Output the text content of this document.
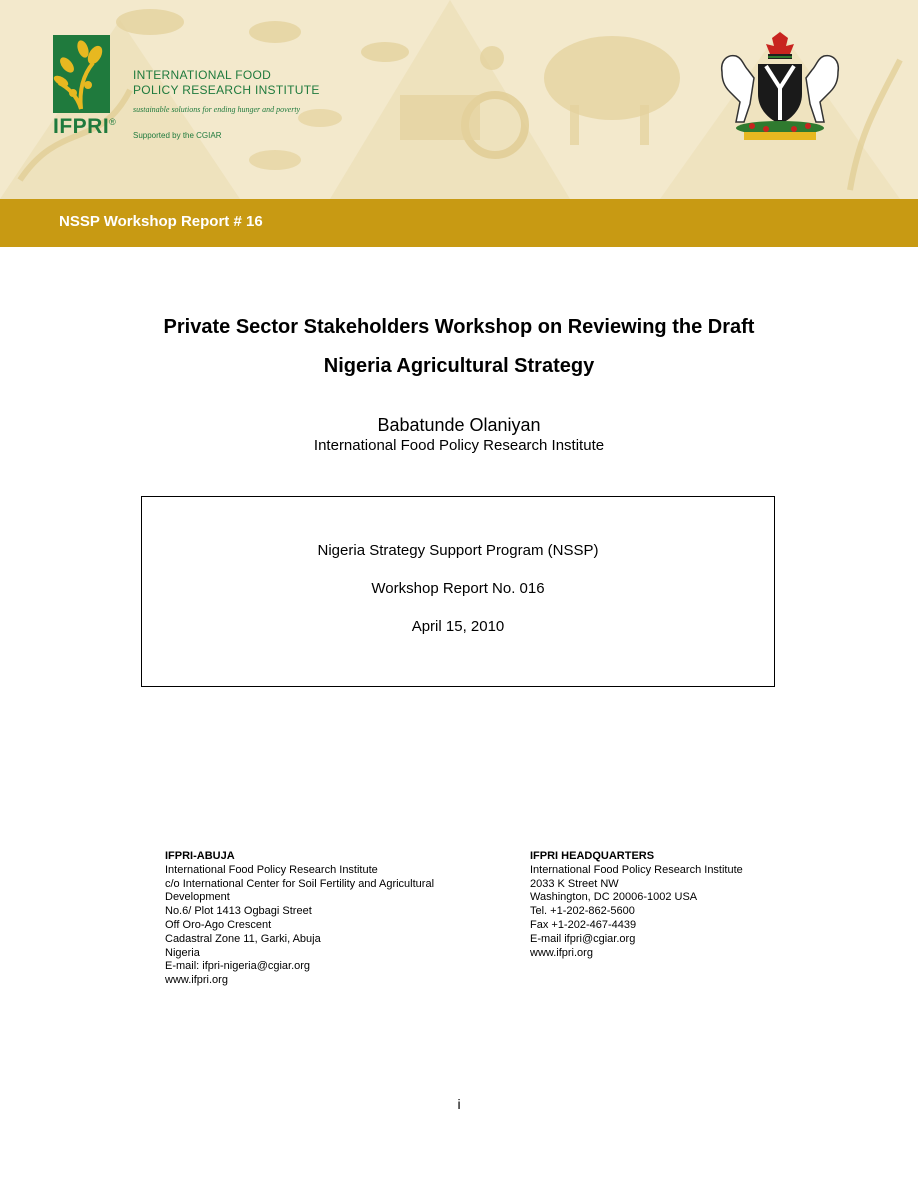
IFPRI®
INTERNATIONAL FOOD
POLICY RESEARCH INSTITUTE
sustainable solutions for ending hunger and poverty
Supported by the CGIAR
NSSP Workshop Report # 16
Private Sector Stakeholders Workshop on Reviewing the Draft
Nigeria Agricultural Strategy
Babatunde Olaniyan
International Food Policy Research Institute
Nigeria Strategy Support Program (NSSP)
Workshop Report No. 016
April 15, 2010
IFPRI-ABUJA
International Food Policy Research Institute
c/o International Center for Soil Fertility and Agricultural
Development
No.6/ Plot 1413 Ogbagi Street
Off Oro-Ago Crescent
Cadastral Zone 11, Garki, Abuja
Nigeria
E-mail: ifpri-nigeria@cgiar.org
www.ifpri.org
IFPRI HEADQUARTERS
International Food Policy Research Institute
2033 K Street NW
Washington, DC 20006-1002 USA
Tel. +1-202-862-5600
Fax +1-202-467-4439
E-mail ifpri@cgiar.org
www.ifpri.org
i
